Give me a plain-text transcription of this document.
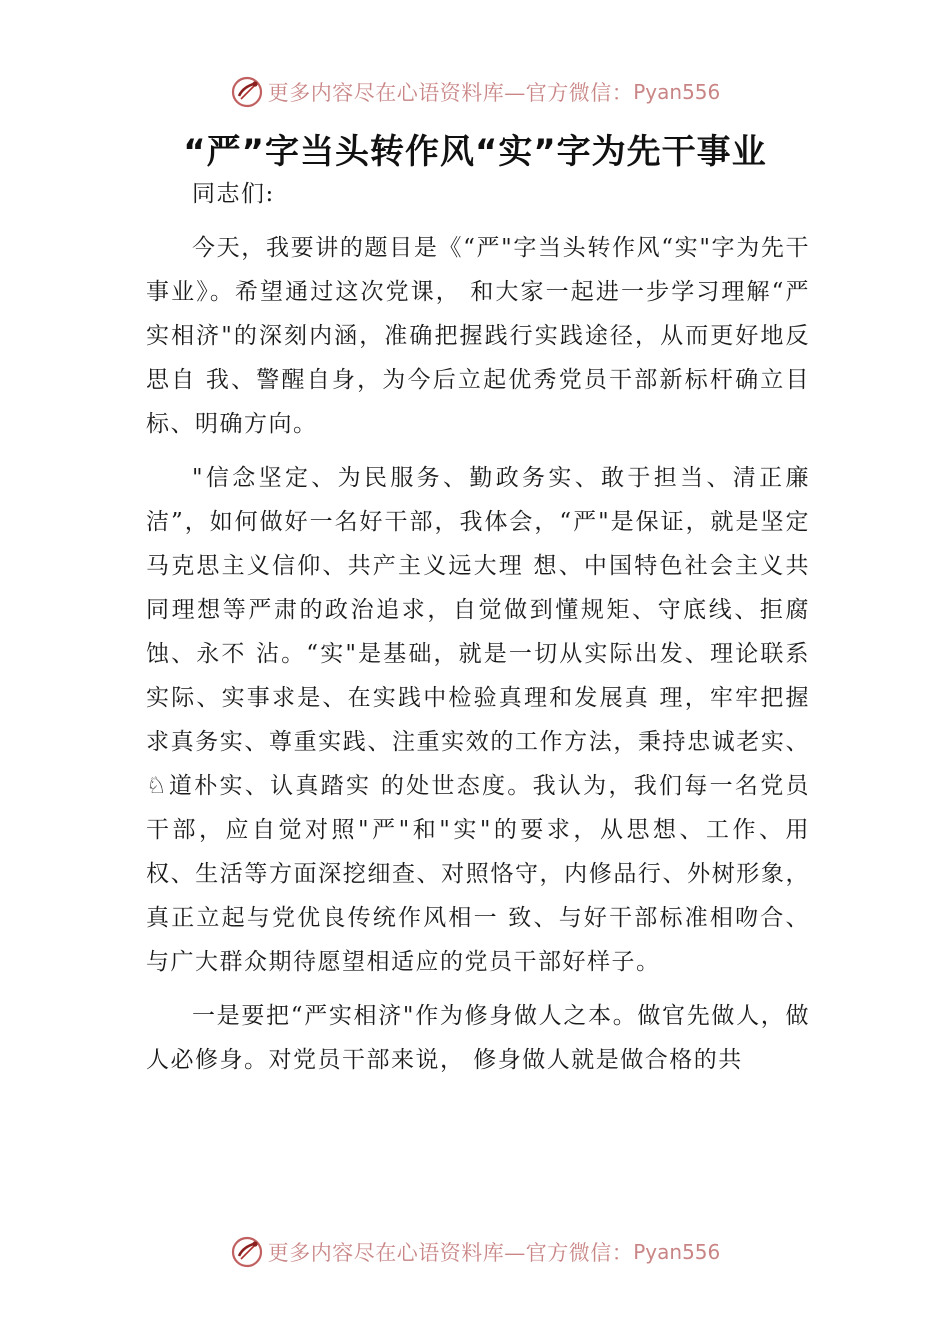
更多内容尽在心语资料库—官方微信： Pyan556
“严”字当头转作风“实”字为先干事业

同志们:

今天，我要讲的题目是《“严"字当头转作风“实"字为先干事业》。希望通过这次党课， 和大家一起进一步学习理解“严实相济"的深刻内涵，准确把握践行实践途径，从而更好地反思自 我、警醒自身，为今后立起优秀党员干部新标杆确立目标、明确方向。

"信念坚定、为民服务、勤政务实、敢于担当、清正廉洁”，如何做好一名好干部，我体会，“严"是保证，就是坚定马克思主义信仰、共产主义远大理 想、中国特色社会主义共同理想等严肃的政治追求，自觉做到懂规矩、守底线、拒腐蚀、永不 沾。“实"是基础，就是一切从实际出发、理论联系实际、实事求是、在实践中检验真理和发展真 理，牢牢把握求真务实、尊重实践、注重实效的工作方法，秉持忠诚老实、♘道朴实、认真踏实 的处世态度。我认为，我们每一名党员干部，应自觉对照"严"和"实"的要求，从思想、工作、用 权、生活等方面深挖细查、对照恪守，内修品行、外树形象，真正立起与党优良传统作风相一 致、与好干部标准相吻合、与广大群众期待愿望相适应的党员干部好样子。

一是要把“严实相济"作为修身做人之本。做官先做人，做人必修身。对党员干部来说， 修身做人就是做合格的共

更多内容尽在心语资料库—官方微信： Pyan556
